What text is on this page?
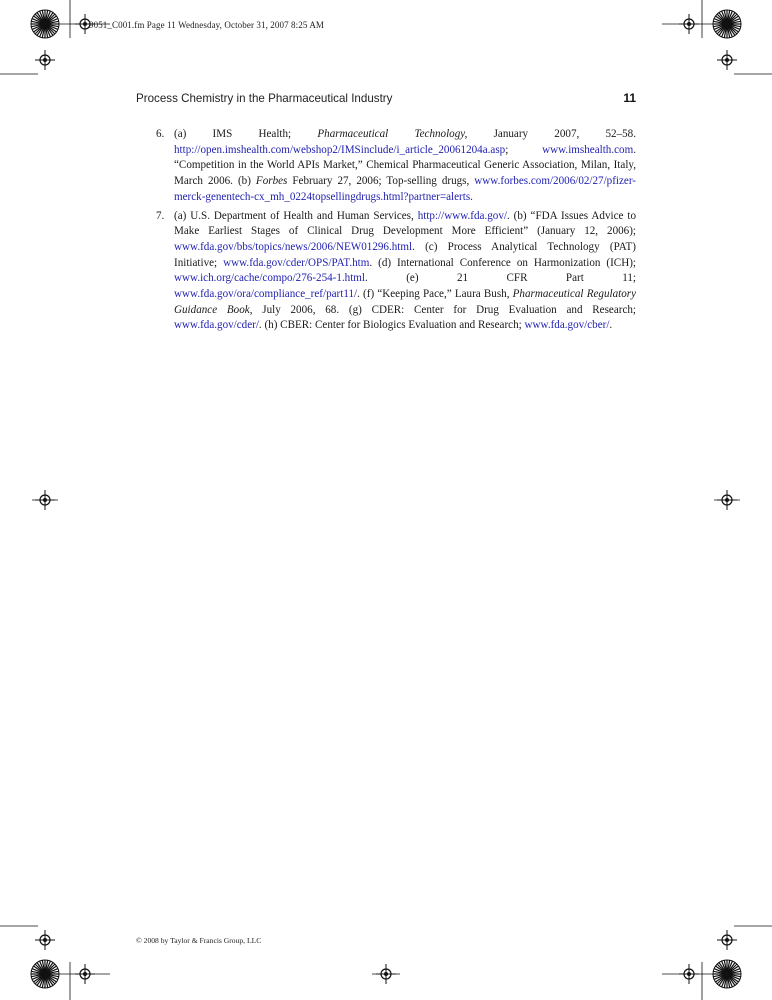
9051_C001.fm Page 11 Wednesday, October 31, 2007 8:25 AM
Process Chemistry in the Pharmaceutical Industry	11
6. (a) IMS Health; Pharmaceutical Technology, January 2007, 52–58. http://open.imshealth.com/webshop2/IMSinclude/i_article_20061204a.asp; www.imshealth.com. “Competition in the World APIs Market,” Chemical Pharmaceutical Generic Association, Milan, Italy, March 2006. (b) Forbes February 27, 2006; Top-selling drugs, www.forbes.com/2006/02/27/pfizer-merck-genentech-cx_mh_0224topsellingdrugs.html?partner=alerts.
7. (a) U.S. Department of Health and Human Services, http://www.fda.gov/. (b) “FDA Issues Advice to Make Earliest Stages of Clinical Drug Development More Efficient” (January 12, 2006); www.fda.gov/bbs/topics/news/2006/NEW01296.html. (c) Process Analytical Technology (PAT) Initiative; www.fda.gov/cder/OPS/PAT.htm. (d) International Conference on Harmonization (ICH); www.ich.org/cache/compo/276-254-1.html. (e) 21 CFR Part 11; www.fda.gov/ora/compliance_ref/part11/. (f) “Keeping Pace,” Laura Bush, Pharmaceutical Regulatory Guidance Book, July 2006, 68. (g) CDER: Center for Drug Evaluation and Research; www.fda.gov/cder/. (h) CBER: Center for Biologics Evaluation and Research; www.fda.gov/cber/.
© 2008 by Taylor & Francis Group, LLC
